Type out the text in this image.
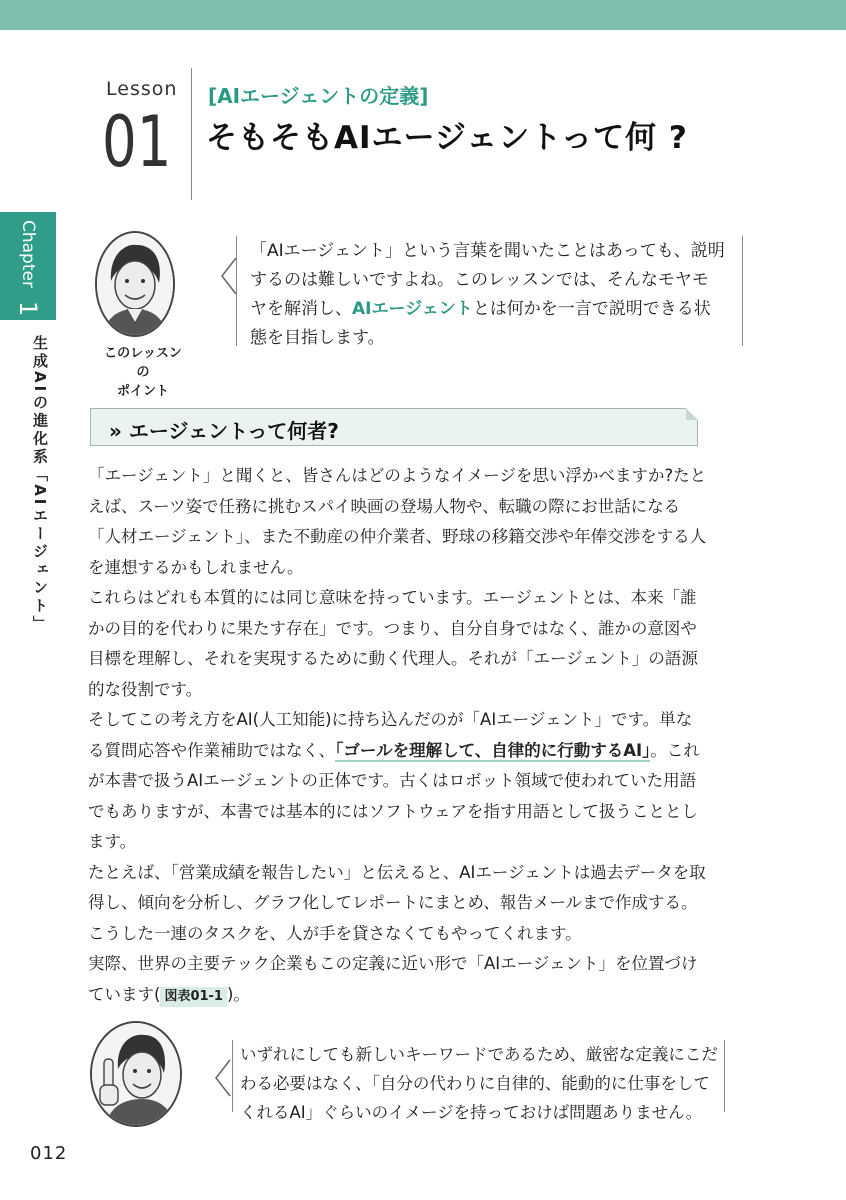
Lesson
01
[AIエージェントの定義]
そもそもAIエージェントって何 ?
Chapter 1
生成AIの進化系「AIエージェント」	このレッスンの
ポイント
「AIエージェント」という言葉を聞いたことはあっても、説明するのは難しいですよね。このレッスンでは、そんなモヤモヤを解消し、AIエージェントとは何かを一言で説明できる状態を目指します。
» エージェントって何者?

「エージェント」と聞くと、皆さんはどのようなイメージを思い浮かべますか?たとえば、スーツ姿で任務に挑むスパイ映画の登場人物や、転職の際にお世話になる「人材エージェント」、また不動産の仲介業者、野球の移籍交渉や年俸交渉をする人を連想するかもしれません。

これらはどれも本質的には同じ意味を持っています。エージェントとは、本来「誰かの目的を代わりに果たす存在」です。つまり、自分自身ではなく、誰かの意図や目標を理解し、それを実現するために動く代理人。それが「エージェント」の語源的な役割です。

そしてこの考え方をAI(人工知能)に持ち込んだのが「AIエージェント」です。単なる質問応答や作業補助ではなく、「ゴールを理解して、自律的に行動するAI」。これが本書で扱うAIエージェントの正体です。古くはロボット領域で使われていた用語でもありますが、本書では基本的にはソフトウェアを指す用語として扱うこととします。

たとえば、「営業成績を報告したい」と伝えると、AIエージェントは過去データを取得し、傾向を分析し、グラフ化してレポートにまとめ、報告メールまで作成する。こうした一連のタスクを、人が手を貸さなくてもやってくれます。

実際、世界の主要テック企業もこの定義に近い形で「AIエージェント」を位置づけています( 図表01-1 )。

いずれにしても新しいキーワードであるため、厳密な定義にこだわる必要はなく、「自分の代わりに自律的、能動的に仕事をしてくれるAI」ぐらいのイメージを持っておけば問題ありません。
012
